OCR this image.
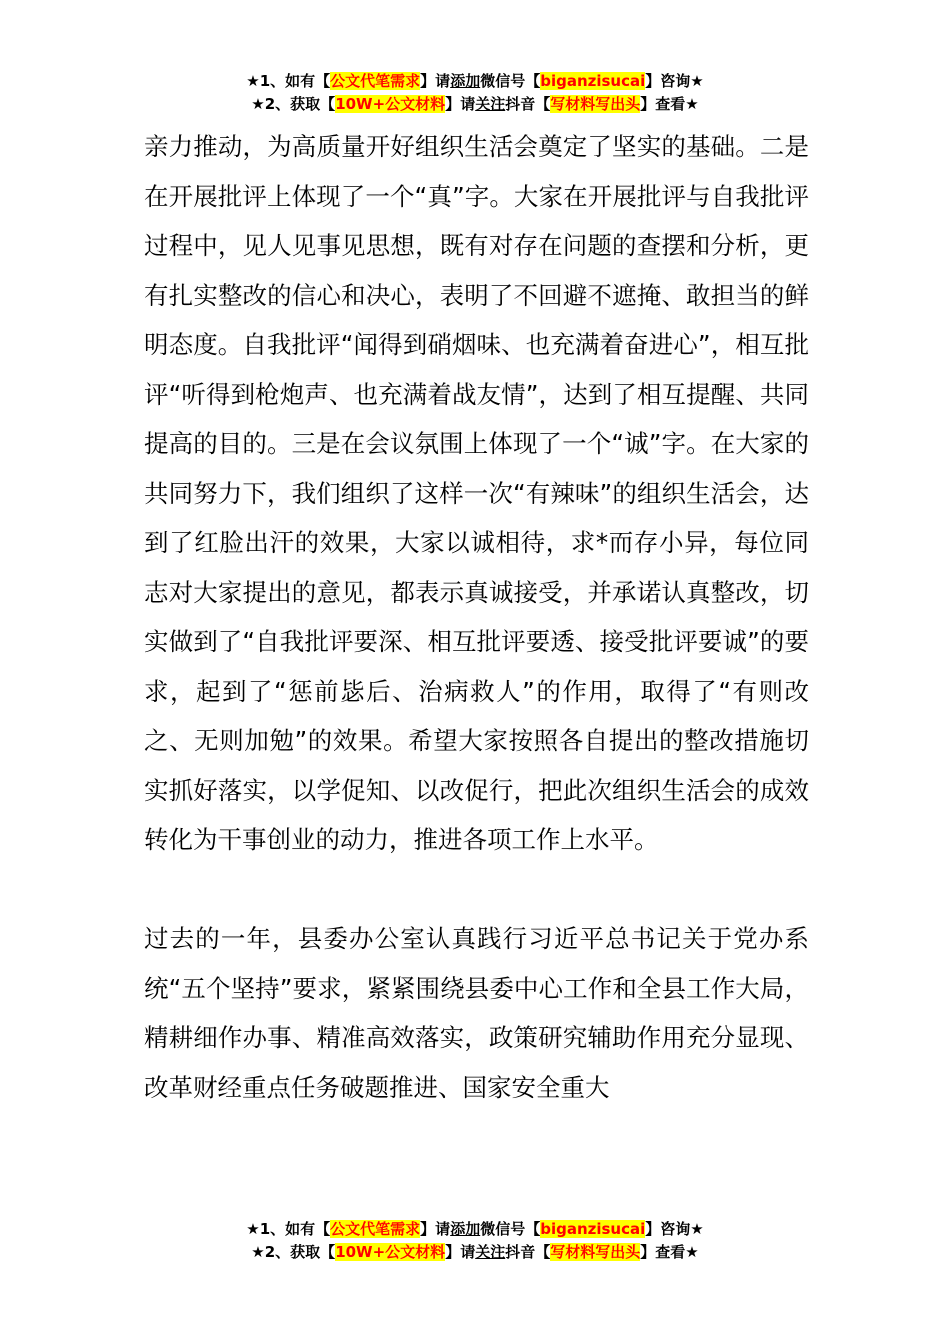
★1、如有【公文代笔需求】请添加微信号【biganzisucai】咨询★
★2、获取【10W+公文材料】请关注抖音【写材料写出头】查看★

亲力推动，为高质量开好组织生活会奠定了坚实的基础。二是在开展批评上体现了一个“真”字。大家在开展批评与自我批评过程中，见人见事见思想，既有对存在问题的查摆和分析，更有扎实整改的信心和决心，表明了不回避不遮掩、敢担当的鲜明态度。自我批评“闻得到硝烟味、也充满着奋进心”，相互批评“听得到枪炮声、也充满着战友情”，达到了相互提醒、共同提高的目的。三是在会议氛围上体现了一个“诚”字。在大家的共同努力下，我们组织了这样一次“有辣味”的组织生活会，达到了红脸出汗的效果，大家以诚相待，求*而存小异，每位同志对大家提出的意见，都表示真诚接受，并承诺认真整改，切实做到了“自我批评要深、相互批评要透、接受批评要诚”的要求，起到了“惩前毖后、治病救人”的作用，取得了“有则改之、无则加勉”的效果。希望大家按照各自提出的整改措施切实抓好落实，以学促知、以改促行，把此次组织生活会的成效转化为干事创业的动力，推进各项工作上水平。

过去的一年，县委办公室认真践行习近平总书记关于党办系统“五个坚持”要求，紧紧围绕县委中心工作和全县工作大局，精耕细作办事、精准高效落实，政策研究辅助作用充分显现、改革财经重点任务破题推进、国家安全重大

★1、如有【公文代笔需求】请添加微信号【biganzisucai】咨询★
★2、获取【10W+公文材料】请关注抖音【写材料写出头】查看★
